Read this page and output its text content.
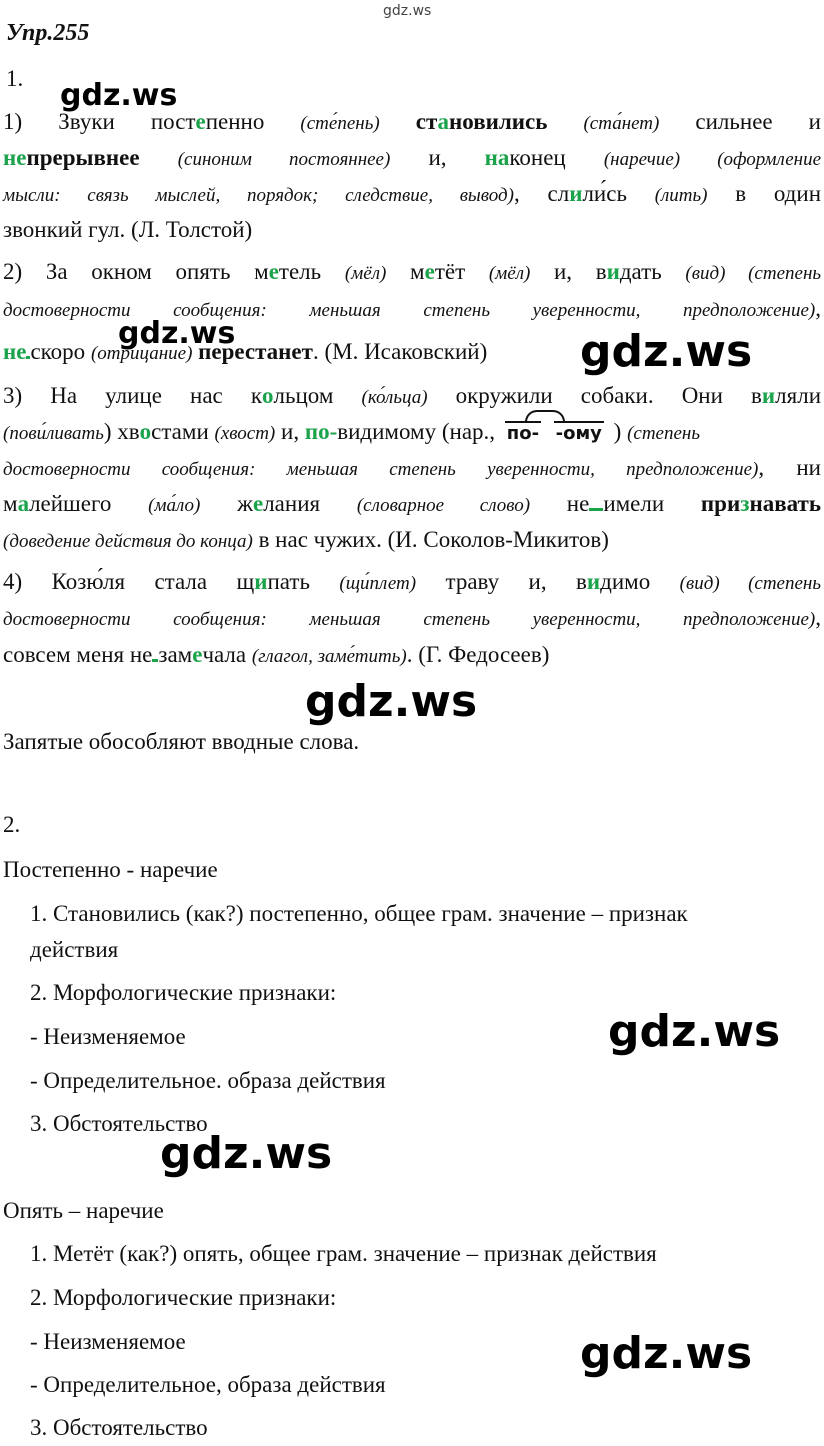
gdz.ws
Упр.255
1. gdz.ws
1) Звуки постепенно (сте́пень) становились (ста́нет) сильнее и
непрерывнее (синоним постояннее) и, наконец (наречие) (оформление
мысли: связь мыслей, порядок; следствие, вывод), слили́сь (лить) в один
звонкий гул. (Л. Толстой)
2) За окном опять метель (мёл) метёт (мёл) и, видать (вид) (степень
достоверности сообщения: меньшая степень уверенности, предположение),
gdz.ws
не скоро (отрицание) перестанет. (М. Исаковский)	gdz.ws
3) На улице нас кольцом (ко́льца) окружили собаки. Они виляли
(пови́ливать) хвостами (хвост) и, по-видимому (нар., по- -ому
) (степень
достоверности сообщения: меньшая степень уверенности, предположение), ни
малейшего (ма́ло) желания (словарное слово) не имели признавать
(доведение действия до конца) в нас чужих. (И. Соколов-Микитов)
4) Козю́ля стала щипать (щи́плет) траву и, видимо (вид) (степень
достоверности сообщения: меньшая степень уверенности, предположение),
совсем меня не замечала (глагол, заме́тить). (Г. Федосеев)
gdz.ws
Запятые обособляют вводные слова.
2.
Постепенно - наречие
1. Становились (как?) постепенно, общее грам. значение – признак
действия
2. Морфологические признаки:
- Неизменяемое	gdz.ws
- Определительное. образа действия
3. Обстоятельство
gdz.ws
Опять – наречие
1. Метёт (как?) опять, общее грам. значение – признак действия
2. Морфологические признаки:
- Неизменяемое	gdz.ws
- Определительное, образа действия
3. Обстоятельство
